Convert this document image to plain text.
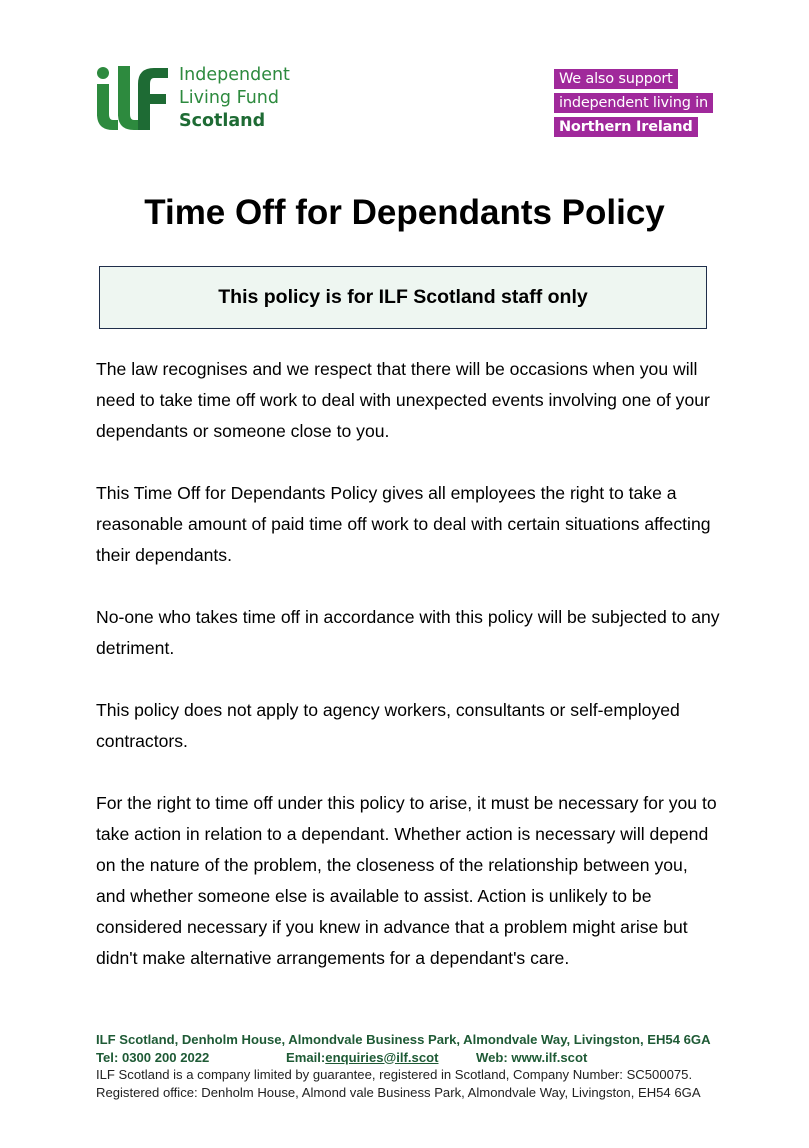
Independent
Living Fund
Scotland
We also support
independent living in
Northern Ireland
Time Off for Dependants Policy
This policy is for ILF Scotland staff only

The law recognises and we respect that there will be occasions when you will need to take time off work to deal with unexpected events involving one of your dependants or someone close to you.

This Time Off for Dependants Policy gives all employees the right to take a reasonable amount of paid time off work to deal with certain situations affecting their dependants.

No-one who takes time off in accordance with this policy will be subjected to any detriment.

This policy does not apply to agency workers, consultants or self-employed contractors.

For the right to time off under this policy to arise, it must be necessary for you to take action in relation to a dependant. Whether action is necessary will depend on the nature of the problem, the closeness of the relationship between you, and whether someone else is available to assist. Action is unlikely to be considered necessary if you knew in advance that a problem might arise but didn't make alternative arrangements for a dependant's care.

ILF Scotland, Denholm House, Almondvale Business Park, Almondvale Way, Livingston, EH54 6GA
Tel: 0300 200 2022	Email:enquiries@ilf.scot	Web: www.ilf.scot
ILF Scotland is a company limited by guarantee, registered in Scotland, Company Number: SC500075.
Registered office: Denholm House, Almond vale Business Park, Almondvale Way, Livingston, EH54 6GA
